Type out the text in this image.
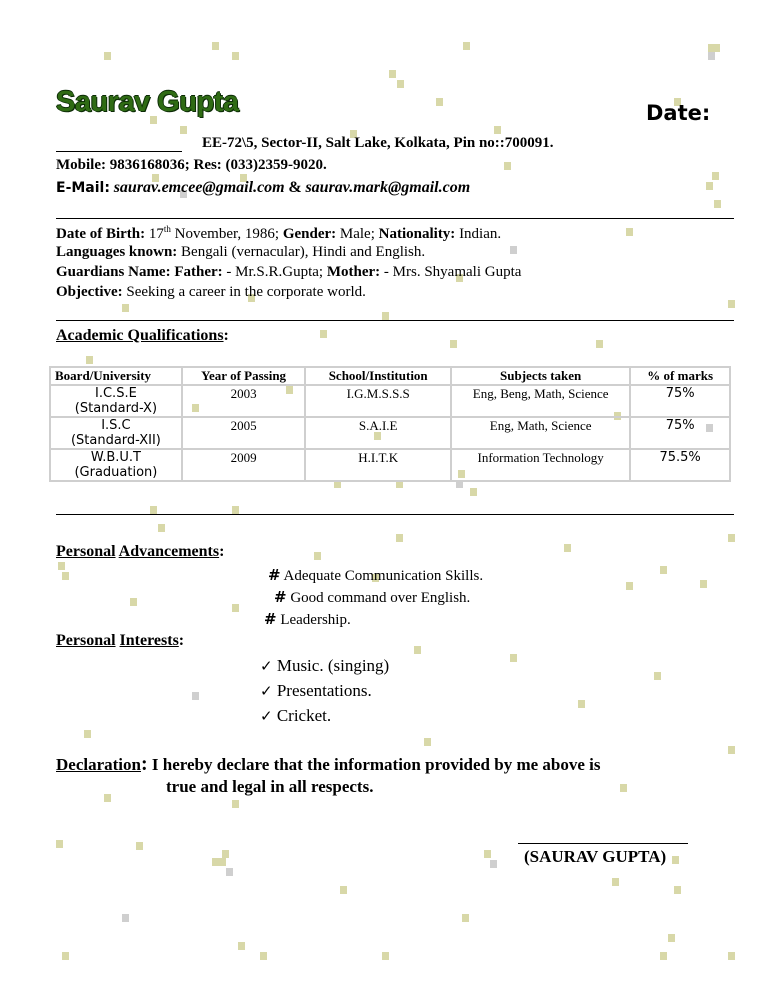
Saurav Gupta	Date:
EE-72\5, Sector-II, Salt Lake, Kolkata, Pin no::700091.
Mobile: 9836168036; Res: (033)2359-9020.
E-Mail: saurav.emcee@gmail.com & saurav.mark@gmail.com
Date of Birth: 17th November, 1986; Gender: Male; Nationality: Indian.
Languages known: Bengali (vernacular), Hindi and English.
Guardians Name: Father: - Mr.S.R.Gupta; Mother: - Mrs. Shyamali Gupta
Objective: Seeking a career in the corporate world.
Academic Qualifications:
Board/University	Year of Passing	School/Institution	Subjects taken	% of marks

I.C.S.E
(Standard-X)	2003	I.G.M.S.S.S	Eng, Beng, Math, Science	75%

I.S.C
(Standard-XII)	2005	S.A.I.E	Eng, Math, Science	75%

W.B.U.T
(Graduation)	2009	H.I.T.K	Information Technology	75.5%
Personal Advancements:
# Adequate Communication Skills.
# Good command over English.
# Leadership.
Personal Interests:
✓ Music. (singing)
✓ Presentations.
✓ Cricket.
Declaration: I hereby declare that the information provided by me above is
true and legal in all respects.
(SAURAV GUPTA)
